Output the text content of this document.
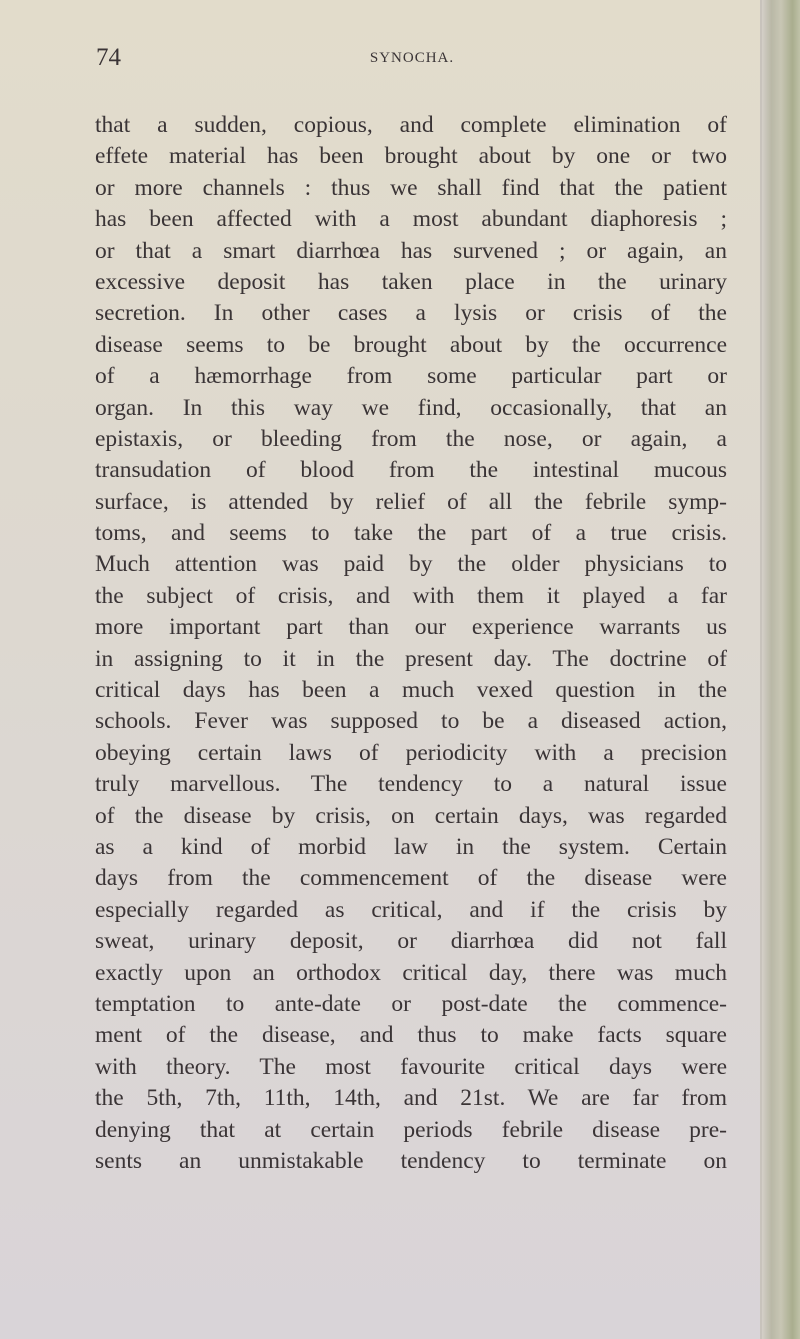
74	SYNOCHA.
that a sudden, copious, and complete elimination of
effete material has been brought about by one or two
or more channels : thus we shall find that the patient
has been affected with a most abundant diaphoresis ;
or that a smart diarrhœa has survened ; or again, an
excessive deposit has taken place in the urinary
secretion. In other cases a lysis or crisis of the
disease seems to be brought about by the occurrence
of a hæmorrhage from some particular part or
organ. In this way we find, occasionally, that an
epistaxis, or bleeding from the nose, or again, a
transudation of blood from the intestinal mucous
surface, is attended by relief of all the febrile symp-
toms, and seems to take the part of a true crisis.
Much attention was paid by the older physicians to
the subject of crisis, and with them it played a far
more important part than our experience warrants us
in assigning to it in the present day. The doctrine of
critical days has been a much vexed question in the
schools. Fever was supposed to be a diseased action,
obeying certain laws of periodicity with a precision
truly marvellous. The tendency to a natural issue
of the disease by crisis, on certain days, was regarded
as a kind of morbid law in the system. Certain
days from the commencement of the disease were
especially regarded as critical, and if the crisis by
sweat, urinary deposit, or diarrhœa did not fall
exactly upon an orthodox critical day, there was much
temptation to ante-date or post-date the commence-
ment of the disease, and thus to make facts square
with theory. The most favourite critical days were
the 5th, 7th, 11th, 14th, and 21st. We are far from
denying that at certain periods febrile disease pre-
sents an unmistakable tendency to terminate on
